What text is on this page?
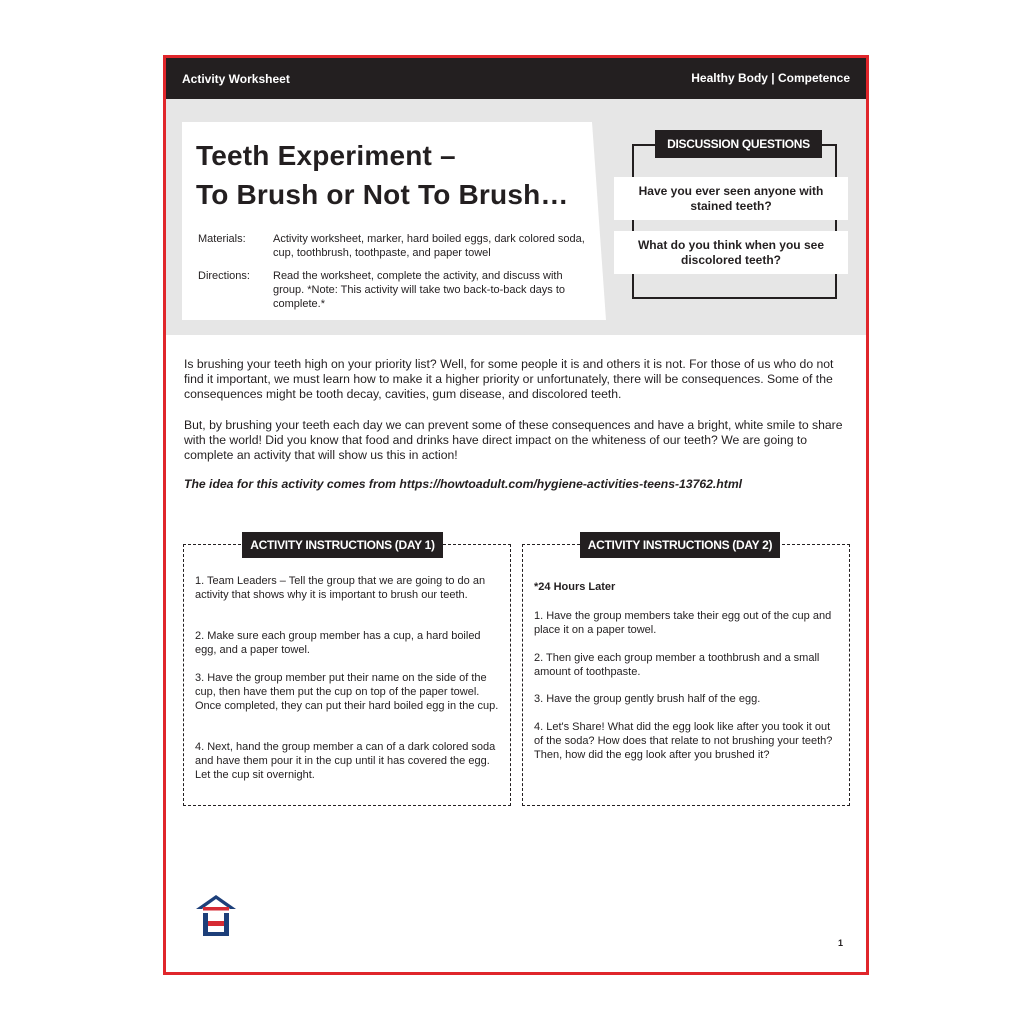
Activity Worksheet	Healthy Body | Competence
Teeth Experiment –
To Brush or Not To Brush…
Materials: Activity worksheet, marker, hard boiled eggs, dark colored soda, cup, toothbrush, toothpaste, and paper towel
Directions: Read the worksheet, complete the activity, and discuss with group. *Note: This activity will take two back-to-back days to complete.*
DISCUSSION QUESTIONS
Have you ever seen anyone with stained teeth?
What do you think when you see discolored teeth?
Is brushing your teeth high on your priority list? Well, for some people it is and others it is not. For those of us who do not find it important, we must learn how to make it a higher priority or unfortunately, there will be consequences. Some of the consequences might be tooth decay, cavities, gum disease, and discolored teeth.
But, by brushing your teeth each day we can prevent some of these consequences and have a bright, white smile to share with the world! Did you know that food and drinks have direct impact on the whiteness of our teeth? We are going to complete an activity that will show us this in action!
The idea for this activity comes from https://howtoadult.com/hygiene-activities-teens-13762.html
ACTIVITY INSTRUCTIONS (DAY 1)
1. Team Leaders – Tell the group that we are going to do an activity that shows why it is important to brush our teeth.
2. Make sure each group member has a cup, a hard boiled egg, and a paper towel.
3. Have the group member put their name on the side of the cup, then have them put the cup on top of the paper towel. Once completed, they can put their hard boiled egg in the cup.
4. Next, hand the group member a can of a dark colored soda and have them pour it in the cup until it has covered the egg. Let the cup sit overnight.
ACTIVITY INSTRUCTIONS (DAY 2)
*24 Hours Later
1. Have the group members take their egg out of the cup and place it on a paper towel.
2. Then give each group member a toothbrush and a small amount of toothpaste.
3. Have the group gently brush half of the egg.
4. Let's Share! What did the egg look like after you took it out of the soda? How does that relate to not brushing your teeth? Then, how did the egg look after you brushed it?
1
